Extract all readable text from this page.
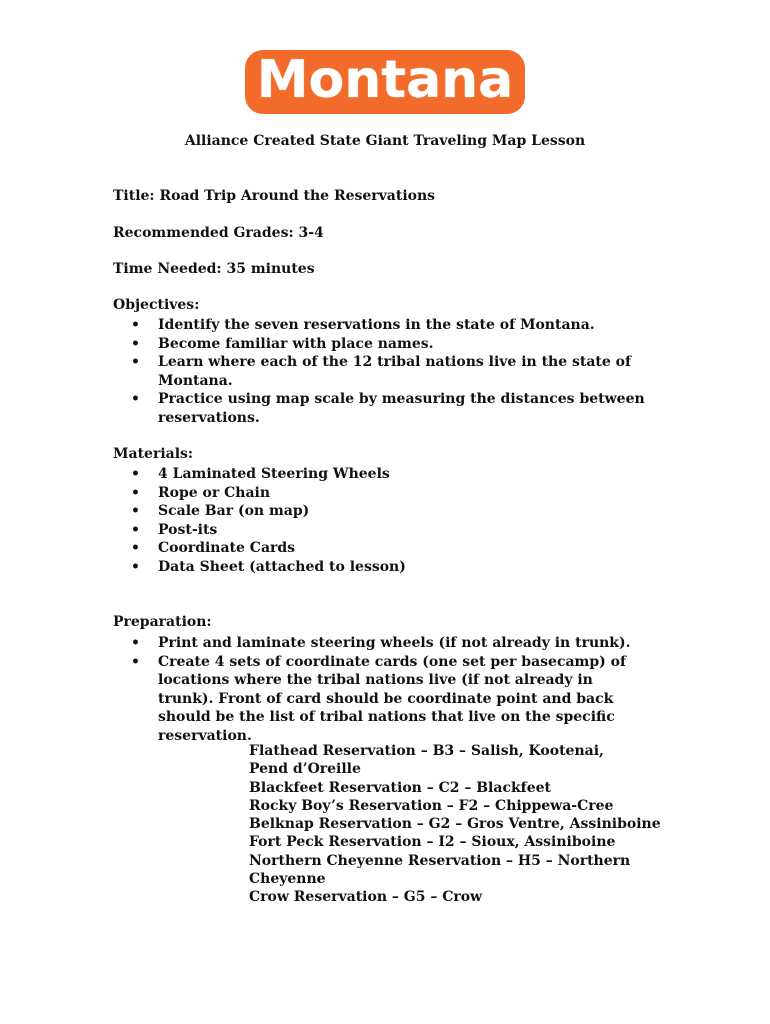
Montana
Alliance Created State Giant Traveling Map Lesson

Title: Road Trip Around the Reservations

Recommended Grades: 3-4

Time Needed: 35 minutes

Objectives:

• Identify the seven reservations in the state of Montana.
• Become familiar with place names.
• Learn where each of the 12 tribal nations live in the state of Montana.
• Practice using map scale by measuring the distances between reservations.

Materials:

• 4 Laminated Steering Wheels
• Rope or Chain
• Scale Bar (on map)
• Post-its
• Coordinate Cards
• Data Sheet (attached to lesson)

Preparation:

• Print and laminate steering wheels (if not already in trunk).
• Create 4 sets of coordinate cards (one set per basecamp) of locations where the tribal nations live (if not already in trunk). Front of card should be coordinate point and back should be the list of tribal nations that live on the specific reservation.
Flathead Reservation – B3 – Salish, Kootenai, Pend d’Oreille
Blackfeet Reservation – C2 – Blackfeet
Rocky Boy’s Reservation – F2 – Chippewa-Cree
Belknap Reservation – G2 – Gros Ventre, Assiniboine
Fort Peck Reservation – I2 – Sioux, Assiniboine
Northern Cheyenne Reservation – H5 – Northern Cheyenne
Crow Reservation – G5 – Crow
